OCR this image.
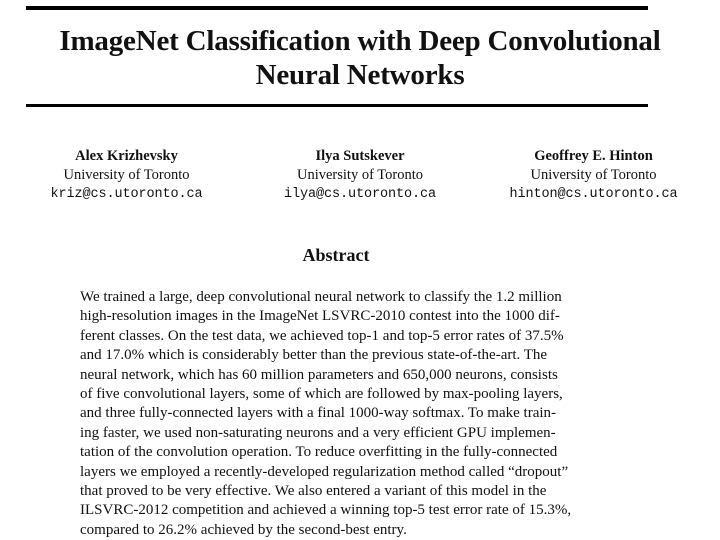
ImageNet Classification with Deep Convolutional
Neural Networks
Alex Krizhevsky
University of Toronto
kriz@cs.utoronto.ca
Ilya Sutskever
University of Toronto
ilya@cs.utoronto.ca
Geoffrey E. Hinton
University of Toronto
hinton@cs.utoronto.ca
Abstract

We trained a large, deep convolutional neural network to classify the 1.2 million
high-resolution images in the ImageNet LSVRC-2010 contest into the 1000 dif-
ferent classes. On the test data, we achieved top-1 and top-5 error rates of 37.5%
and 17.0% which is considerably better than the previous state-of-the-art. The
neural network, which has 60 million parameters and 650,000 neurons, consists
of five convolutional layers, some of which are followed by max-pooling layers,
and three fully-connected layers with a final 1000-way softmax. To make train-
ing faster, we used non-saturating neurons and a very efficient GPU implemen-
tation of the convolution operation. To reduce overfitting in the fully-connected
layers we employed a recently-developed regularization method called “dropout”
that proved to be very effective. We also entered a variant of this model in the
ILSVRC-2012 competition and achieved a winning top-5 test error rate of 15.3%,
compared to 26.2% achieved by the second-best entry.
